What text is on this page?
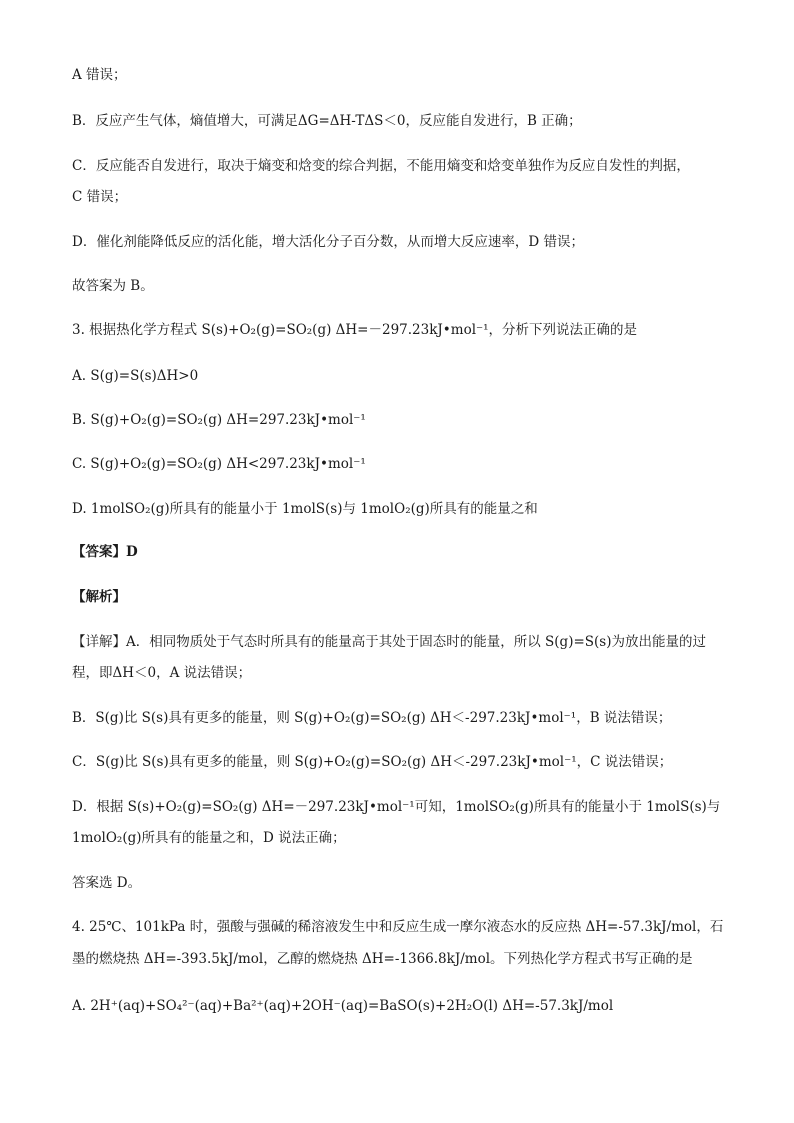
A 错误；
B．反应产生气体，熵值增大，可满足ΔG=ΔH-TΔS＜0，反应能自发进行，B 正确；
C．反应能否自发进行，取决于熵变和焓变的综合判据，不能用熵变和焓变单独作为反应自发性的判据，
C 错误；
D．催化剂能降低反应的活化能，增大活化分子百分数，从而增大反应速率，D 错误；
故答案为 B。
3. 根据热化学方程式 S(s)+O₂(g)=SO₂(g) ΔH=－297.23kJ•mol⁻¹，分析下列说法正确的是
A. S(g)=S(s)ΔH>0
B. S(g)+O₂(g)=SO₂(g) ΔH=297.23kJ•mol⁻¹
C. S(g)+O₂(g)=SO₂(g) ΔH<297.23kJ•mol⁻¹
D. 1molSO₂(g)所具有的能量小于 1molS(s)与 1molO₂(g)所具有的能量之和
【答案】D
【解析】
【详解】A．相同物质处于气态时所具有的能量高于其处于固态时的能量，所以 S(g)=S(s)为放出能量的过
程，即ΔH＜0，A 说法错误；
B．S(g)比 S(s)具有更多的能量，则 S(g)+O₂(g)=SO₂(g) ΔH＜-297.23kJ•mol⁻¹，B 说法错误；
C．S(g)比 S(s)具有更多的能量，则 S(g)+O₂(g)=SO₂(g) ΔH＜-297.23kJ•mol⁻¹，C 说法错误；
D．根据 S(s)+O₂(g)=SO₂(g) ΔH=－297.23kJ•mol⁻¹可知，1molSO₂(g)所具有的能量小于 1molS(s)与
1molO₂(g)所具有的能量之和，D 说法正确；
答案选 D。
4. 25℃、101kPa 时，强酸与强碱的稀溶液发生中和反应生成一摩尔液态水的反应热 ΔH=-57.3kJ/mol，石
墨的燃烧热 ΔH=-393.5kJ/mol，乙醇的燃烧热 ΔH=-1366.8kJ/mol。下列热化学方程式书写正确的是
A. 2H⁺(aq)+SO₄²⁻(aq)+Ba²⁺(aq)+2OH⁻(aq)=BaSO(s)+2H₂O(l) ΔH=-57.3kJ/mol
